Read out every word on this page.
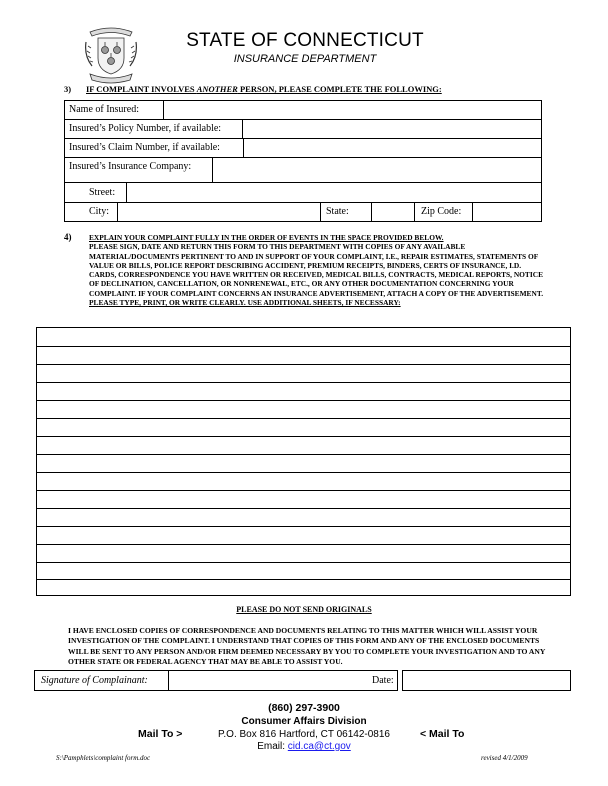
STATE OF CONNECTICUT
INSURANCE DEPARTMENT
3) IF COMPLAINT INVOLVES ANOTHER PERSON, PLEASE COMPLETE THE FOLLOWING:
Name of Insured:
Insured’s Policy Number, if available:
Insured’s Claim Number, if available:
Insured’s Insurance Company:
Street:
City:	State:	Zip Code:
4) EXPLAIN YOUR COMPLAINT FULLY IN THE ORDER OF EVENTS IN THE SPACE PROVIDED BELOW.
PLEASE SIGN, DATE AND RETURN THIS FORM TO THIS DEPARTMENT WITH COPIES OF ANY AVAILABLE MATERIAL/DOCUMENTS PERTINENT TO AND IN SUPPORT OF YOUR COMPLAINT, I.E., REPAIR ESTIMATES, STATEMENTS OF VALUE OR BILLS, POLICE REPORT DESCRIBING ACCIDENT, PREMIUM RECEIPTS, BINDERS, CERTS OF INSURANCE, I.D. CARDS, CORRESPONDENCE YOU HAVE WRITTEN OR RECEIVED, MEDICAL BILLS, CONTRACTS, MEDICAL REPORTS, NOTICE OF DECLINATION, CANCELLATION, OR NONRENEWAL, ETC., OR ANY OTHER DOCUMENTATION CONCERNING YOUR COMPLAINT. IF YOUR COMPLAINT CONCERNS AN INSURANCE ADVERTISEMENT, ATTACH A COPY OF THE ADVERTISEMENT. PLEASE TYPE, PRINT, OR WRITE CLEARLY. USE ADDITIONAL SHEETS, IF NECESSARY:
PLEASE DO NOT SEND ORIGINALS
I HAVE ENCLOSED COPIES OF CORRESPONDENCE AND DOCUMENTS RELATING TO THIS MATTER WHICH WILL ASSIST YOUR INVESTIGATION OF THE COMPLAINT. I UNDERSTAND THAT COPIES OF THIS FORM AND ANY OF THE ENCLOSED DOCUMENTS WILL BE SENT TO ANY PERSON AND/OR FIRM DEEMED NECESSARY BY YOU TO COMPLETE YOUR INVESTIGATION AND TO ANY OTHER STATE OR FEDERAL AGENCY THAT MAY BE ABLE TO ASSIST YOU.
Signature of Complainant:	Date:
(860) 297-3900
Consumer Affairs Division
Mail To >	P.O. Box 816 Hartford, CT 06142-0816	< Mail To
Email: cid.ca@ct.gov
S:\Pamphlets\complaint form.doc	revised 4/1/2009
